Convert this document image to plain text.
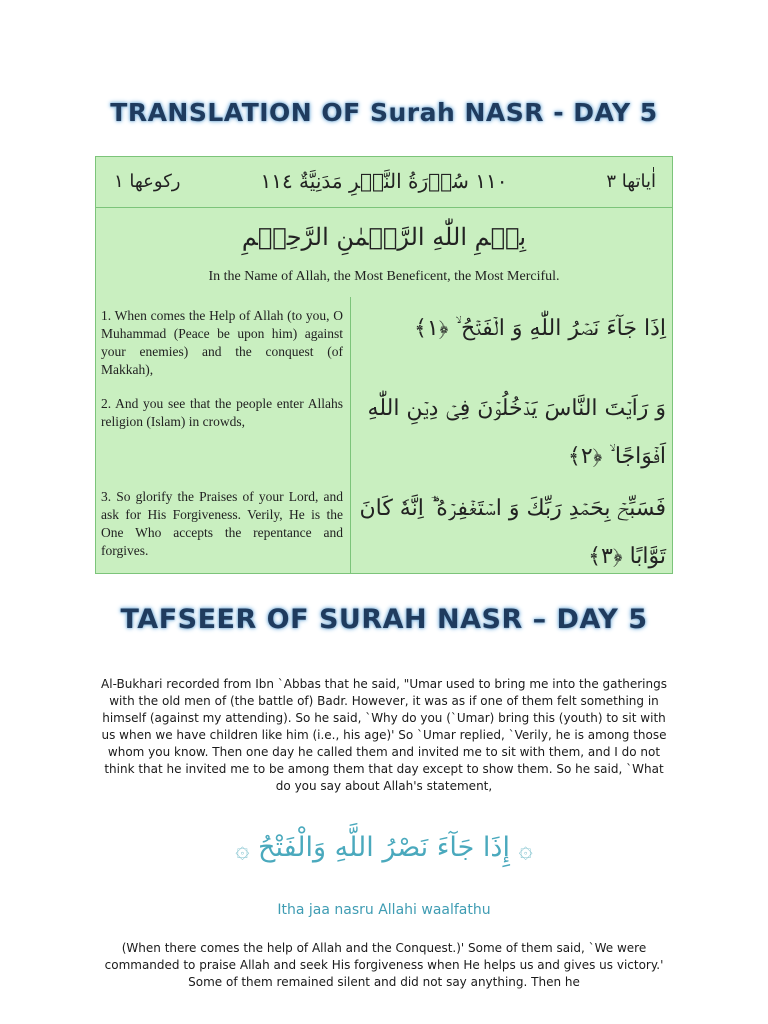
TRANSLATION OF Surah NASR - DAY 5
ركوعها ١	١١٠ سُوۡرَةُ النَّصۡرِ مَدَنِيَّةٌ ١١٤	اٰياتها ٣
بِسۡمِ اللّٰهِ الرَّحۡمٰنِ الرَّحِيۡمِ
In the Name of Allah, the Most Beneficent, the Most Merciful.
1. When comes the Help of Allah (to you, O Muhammad (Peace be upon him) against your enemies) and the conquest (of Makkah),
اِذَا جَآءَ نَصۡرُ اللّٰهِ وَ الۡفَتۡحُ ۙ‏ ﴿۱﴾
2. And you see that the people enter Allahs religion (Islam) in crowds,
وَ رَاَيۡتَ النَّاسَ يَدۡخُلُوۡنَ فِىۡ دِيۡنِ اللّٰهِ اَفۡوَاجًا ۙ‏ ﴿۲﴾
3. So glorify the Praises of your Lord, and ask for His Forgiveness. Verily, He is the One Who accepts the repentance and forgives.
فَسَبِّحۡ بِحَمۡدِ رَبِّكَ وَ اسۡتَغۡفِرۡهُ ؔ‌ؕ اِنَّهٗ كَانَ تَوَّابًا ﴿۳﴾
TAFSEER OF SURAH NASR – DAY 5
Al-Bukhari recorded from Ibn `Abbas that he said, "Umar used to bring me into the gatherings with the old men of (the battle of) Badr. However, it was as if one of them felt something in himself (against my attending). So he said, `Why do you (`Umar) bring this (youth) to sit with us when we have children like him (i.e., his age)' So `Umar replied, `Verily, he is among those whom you know. Then one day he called them and invited me to sit with them, and I do not think that he invited me to be among them that day except to show them. So he said, `What do you say about Allah's statement,
۞ إِذَا جَآءَ نَصْرُ اللَّهِ وَالْفَتْحُ ۞
Itha jaa nasru Allahi waalfathu
(When there comes the help of Allah and the Conquest.)' Some of them said, `We were commanded to praise Allah and seek His forgiveness when He helps us and gives us victory.' Some of them remained silent and did not say anything. Then he
